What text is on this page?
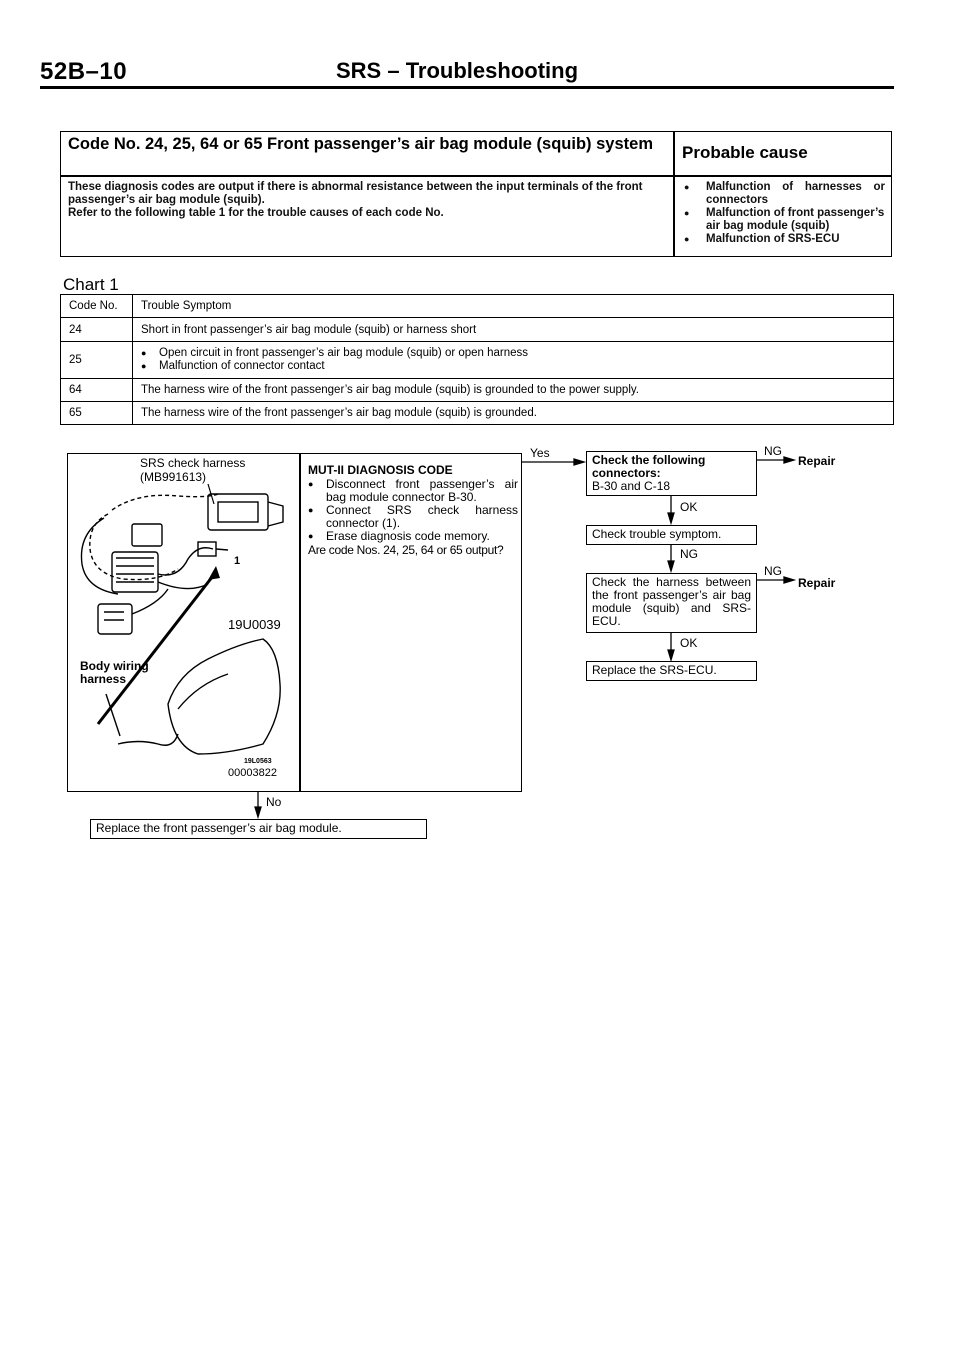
52B–10	SRS – Troubleshooting
Code No. 24, 25, 64 or 65 Front passenger’s air bag module (squib) system	Probable cause
These diagnosis codes are output if there is abnormal resistance between the input terminals of the front passenger’s air bag module (squib).
Refer to the following table 1 for the trouble causes of each code No.
● Malfunction of harnesses or connectors
● Malfunction of front passenger’s air bag module (squib)
● Malfunction of SRS-ECU
Chart 1
Code No.	Trouble Symptom
24	Short in front passenger’s air bag module (squib) or harness short
25	● Open circuit in front passenger’s air bag module (squib) or open harness
● Malfunction of connector contact

64	The harness wire of the front passenger’s air bag module (squib) is grounded to the power supply.
65	The harness wire of the front passenger’s air bag module (squib) is grounded.
SRS check harness
(MB991613)
1
19U0039
Body wiring
harness
19L0563
00003822
MUT-II DIAGNOSIS CODE
● Disconnect front passenger’s air bag module connector B-30.
● Connect SRS check harness connector (1).
● Erase diagnosis code memory.
Are code Nos. 24, 25, 64 or 65 output?
Yes	NG
NG
Repair
Repair
OK
NG
OK
No
Check the following
connectors:
B-30 and C-18
Check trouble symptom.
Check the harness between the front passenger’s air bag module (squib) and SRS-ECU.
Replace the SRS-ECU.
Replace the front passenger’s air bag module.
